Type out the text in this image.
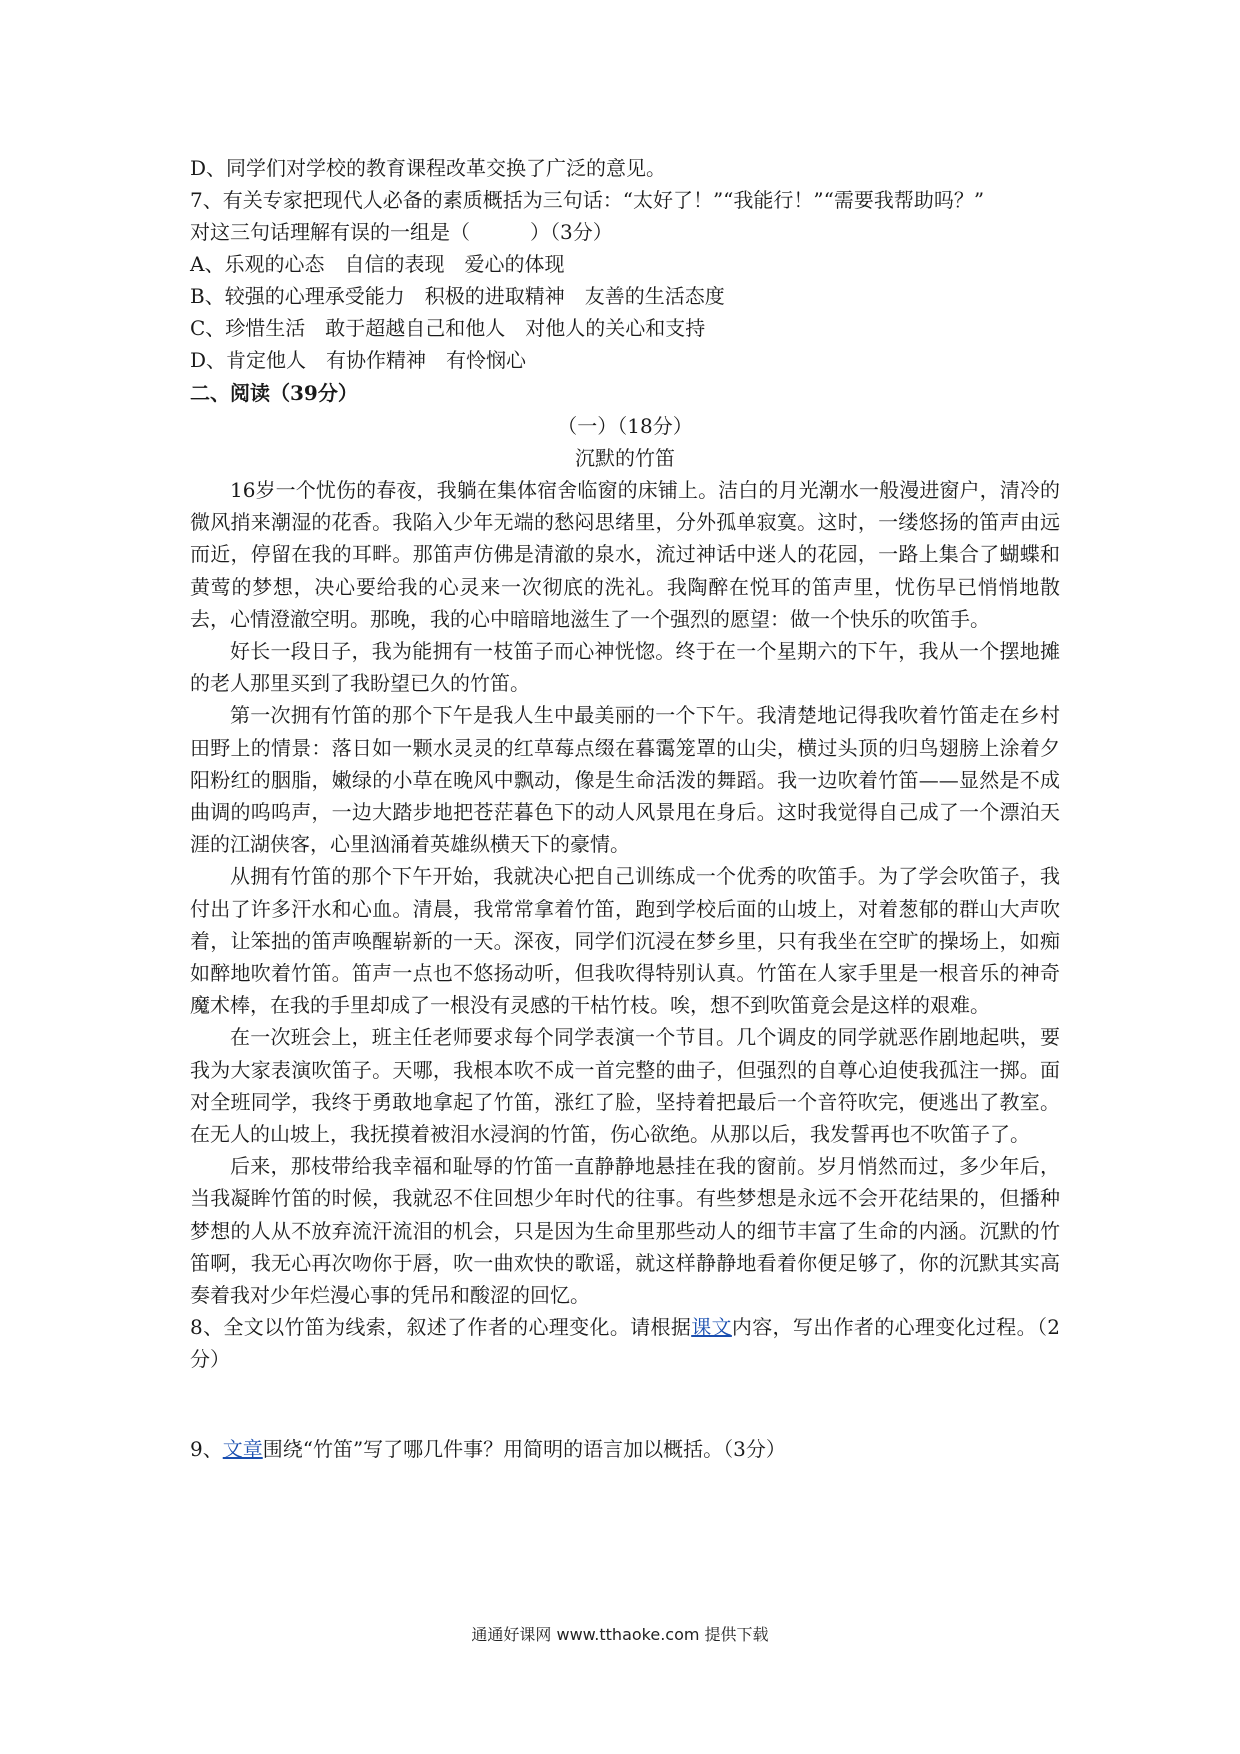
D、同学们对学校的教育课程改革交换了广泛的意见。

7、有关专家把现代人必备的素质概括为三句话：“太好了！”“我能行！”“需要我帮助吗？”

对这三句话理解有误的一组是（　　　）（3分）

A、乐观的心态　自信的表现　爱心的体现

B、较强的心理承受能力　积极的进取精神　友善的生活态度

C、珍惜生活　敢于超越自己和他人　对他人的关心和支持

D、肯定他人　有协作精神　有怜悯心

二、阅读（39分）

（一）（18分）

沉默的竹笛

16岁一个忧伤的春夜，我躺在集体宿舍临窗的床铺上。洁白的月光潮水一般漫进窗户，清冷的微风捎来潮湿的花香。我陷入少年无端的愁闷思绪里，分外孤单寂寞。这时，一缕悠扬的笛声由远而近，停留在我的耳畔。那笛声仿佛是清澈的泉水，流过神话中迷人的花园，一路上集合了蝴蝶和黄莺的梦想，决心要给我的心灵来一次彻底的洗礼。我陶醉在悦耳的笛声里，忧伤早已悄悄地散去，心情澄澈空明。那晚，我的心中暗暗地滋生了一个强烈的愿望：做一个快乐的吹笛手。

好长一段日子，我为能拥有一枝笛子而心神恍惚。终于在一个星期六的下午，我从一个摆地摊的老人那里买到了我盼望已久的竹笛。

第一次拥有竹笛的那个下午是我人生中最美丽的一个下午。我清楚地记得我吹着竹笛走在乡村田野上的情景：落日如一颗水灵灵的红草莓点缀在暮霭笼罩的山尖，横过头顶的归鸟翅膀上涂着夕阳粉红的胭脂，嫩绿的小草在晚风中飘动，像是生命活泼的舞蹈。我一边吹着竹笛——显然是不成曲调的呜呜声，一边大踏步地把苍茫暮色下的动人风景甩在身后。这时我觉得自己成了一个漂泊天涯的江湖侠客，心里汹涌着英雄纵横天下的豪情。

从拥有竹笛的那个下午开始，我就决心把自己训练成一个优秀的吹笛手。为了学会吹笛子，我付出了许多汗水和心血。清晨，我常常拿着竹笛，跑到学校后面的山坡上，对着葱郁的群山大声吹着，让笨拙的笛声唤醒崭新的一天。深夜，同学们沉浸在梦乡里，只有我坐在空旷的操场上，如痴如醉地吹着竹笛。笛声一点也不悠扬动听，但我吹得特别认真。竹笛在人家手里是一根音乐的神奇魔术棒，在我的手里却成了一根没有灵感的干枯竹枝。唉，想不到吹笛竟会是这样的艰难。

在一次班会上，班主任老师要求每个同学表演一个节目。几个调皮的同学就恶作剧地起哄，要我为大家表演吹笛子。天哪，我根本吹不成一首完整的曲子，但强烈的自尊心迫使我孤注一掷。面对全班同学，我终于勇敢地拿起了竹笛，涨红了脸，坚持着把最后一个音符吹完，便逃出了教室。在无人的山坡上，我抚摸着被泪水浸润的竹笛，伤心欲绝。从那以后，我发誓再也不吹笛子了。

后来，那枝带给我幸福和耻辱的竹笛一直静静地悬挂在我的窗前。岁月悄然而过，多少年后，当我凝眸竹笛的时候，我就忍不住回想少年时代的往事。有些梦想是永远不会开花结果的，但播种梦想的人从不放弃流汗流泪的机会，只是因为生命里那些动人的细节丰富了生命的内涵。沉默的竹笛啊，我无心再次吻你于唇，吹一曲欢快的歌谣，就这样静静地看着你便足够了，你的沉默其实高奏着我对少年烂漫心事的凭吊和酸涩的回忆。

8、全文以竹笛为线索，叙述了作者的心理变化。请根据课文内容，写出作者的心理变化过程。（2分）

9、文章围绕“竹笛”写了哪几件事？用简明的语言加以概括。（3分）

通通好课网 www.tthaoke.com 提供下载
